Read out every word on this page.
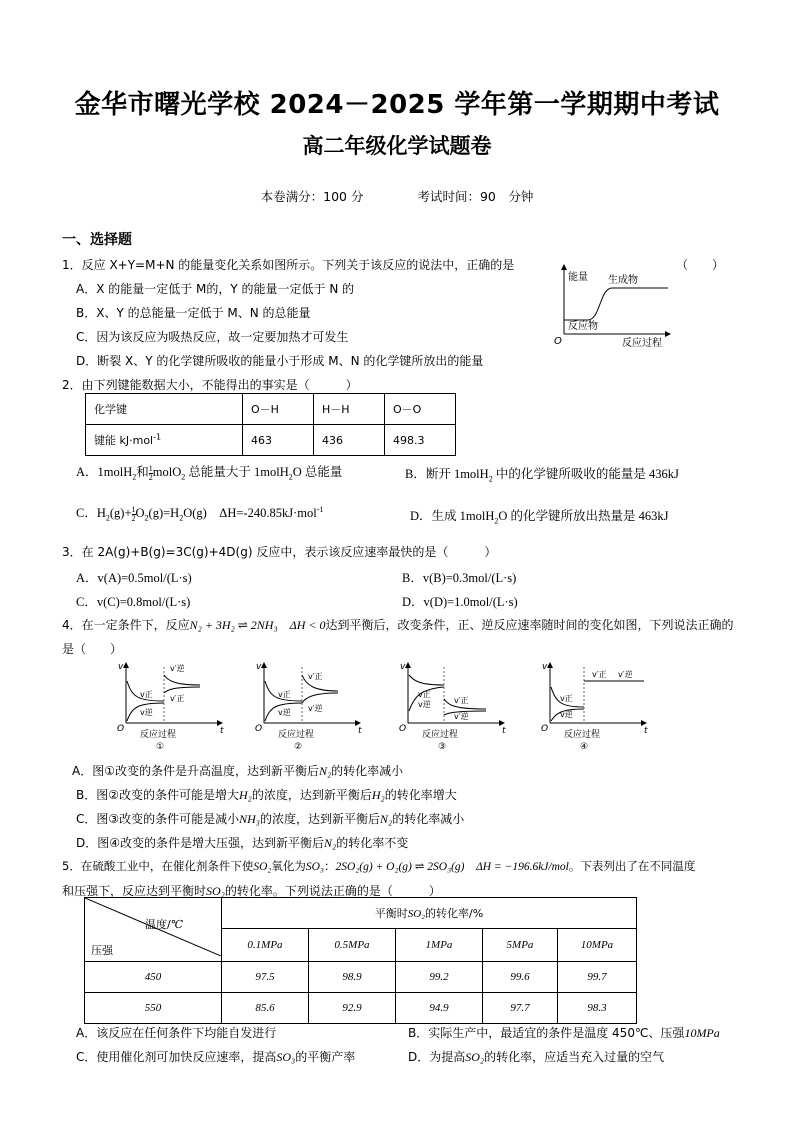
金华市曙光学校 2024－2025 学年第一学期期中考试
高二年级化学试题卷
本卷满分：100 分	考试时间：90　分钟
一、选择题
1．反应 X+Y=M+N 的能量变化关系如图所示。下列关于该反应的说法中，正确的是	（　　）
A．X 的能量一定低于 M的，Y 的能量一定低于 N 的
B．X、Y 的总能量一定低于 M、N 的总能量
C．因为该反应为吸热反应，故一定要加热才可发生
D．断裂 X、Y 的化学键所吸收的能量小于形成 M、N 的化学键所放出的能量
能量 生成物
反应物
O	反应过程
2．由下列键能数据大小，不能得出的事实是（　　　）
化学键	O－H	H－H	O－O
键能 kJ·mol$^{-1}$	463	436	498.3
A．1molH$_2$和 $\frac{1}{2}$ molO$_2$ 总能量大于 1molH$_2$O 总能量	B．断开 1molH$_2$ 中的化学键所吸收的能量是 436kJ
C．$H_2(g)+ \frac{1}{2} O_2(g)=H_2O(g)$　ΔH=-240.85kJ·mol$^{-1}$	D．生成 1molH$_2$O 的化学键所放出热量是 463kJ
3．在 2A(g)+B(g)=3C(g)+4D(g) 反应中，表示该反应速率最快的是（　　　）
A．v(A)=0.5mol/(L·s)	B．v(B)=0.3mol/(L·s)
C．v(C)=0.8mol/(L·s)	D．v(D)=1.0mol/(L·s)
4．在一定条件下，反应N₂ + 3H₂ ⇌ 2NH₃　 ΔH < 0达到平衡后，改变条件，正、逆反应速率随时间的变化如图，下列说法正确的
是（　　）
v
t
O
v正
v逆
v′逆
v′正
反应过程
①
v
t
O
v正
v逆
v′正
v′逆
反应过程
②
v
t
O
v正
v逆	v′正
v′逆
反应过程
③
v
t
O
v正
v逆
v′正 v′逆
反应过程
④
A．图①改变的条件是升高温度，达到新平衡后N₂的转化率减小
B．图②改变的条件可能是增大H₂的浓度，达到新平衡后H₂的转化率增大
C．图③改变的条件可能是减小NH₃的浓度，达到新平衡后N₂的转化率减小
D．图④改变的条件是增大压强，达到新平衡后N₂的转化率不变
5．在硫酸工业中，在催化剂条件下使SO₂氧化为SO₃：2SO₂(g) + O₂(g) ⇌ 2SO₃(g)　 ΔH = −196.6kJ/mol。下表列出了在不同温度
和压强下，反应达到平衡时SO₂的转化率。下列说法正确的是（　　　）
温度/℃
压强	平衡时SO₂的转化率/%				
	0.1MPa	0.5MPa	1MPa	5MPa	10MPa
450	97.5	98.9	99.2	99.6	99.7
550	85.6	92.9	94.9	97.7	98.3
A．该反应在任何条件下均能自发进行	B．实际生产中，最适宜的条件是温度 450℃、压强10MPa
C．使用催化剂可加快反应速率，提高SO₃的平衡产率	D．为提高SO₂的转化率，应适当充入过量的空气
